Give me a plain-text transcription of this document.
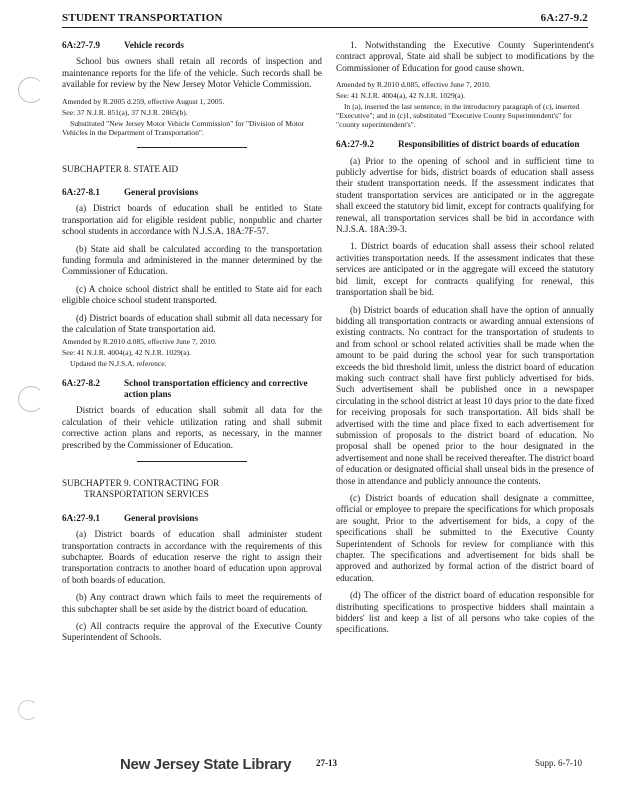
STUDENT TRANSPORTATION	6A:27-9.2
6A:27-7.9	Vehicle records

School bus owners shall retain all records of inspection and maintenance reports for the life of the vehicle. Such records shall be available for review by the New Jersey Motor Vehicle Commission.

Amended by R.2005 d.259, effective August 1, 2005.
See: 37 N.J.R. 851(a), 37 N.J.R. 2865(b).
Substituted "New Jersey Motor Vehicle Commission" for "Division of Motor Vehicles in the Department of Transportation".
SUBCHAPTER 8. STATE AID
6A:27-8.1	General provisions

(a) District boards of education shall be entitled to State transportation aid for eligible resident public, nonpublic and charter school students in accordance with N.J.S.A. 18A:7F-57.

(b) State aid shall be calculated according to the transportation funding formula and administered in the manner determined by the Commissioner of Education.

(c) A choice school district shall be entitled to State aid for each eligible choice school student transported.

(d) District boards of education shall submit all data necessary for the calculation of State transportation aid.

Amended by R.2010 d.085, effective June 7, 2010.
See: 41 N.J.R. 4004(a), 42 N.J.R. 1029(a).
Updated the N.J.S.A. reference.
6A:27-8.2	School transportation efficiency and corrective action plans

District boards of education shall submit all data for the calculation of their vehicle utilization rating and shall submit corrective action plans and reports, as necessary, in the manner prescribed by the Commissioner of Education.

SUBCHAPTER 9. CONTRACTING FOR
TRANSPORTATION SERVICES
6A:27-9.1	General provisions

(a) District boards of education shall administer student transportation contracts in accordance with the requirements of this subchapter. Boards of education reserve the right to assign their transportation contracts to another board of education upon approval of both boards of education.

(b) Any contract drawn which fails to meet the requirements of this subchapter shall be set aside by the district board of education.

(c) All contracts require the approval of the Executive County Superintendent of Schools.

1. Notwithstanding the Executive County Superintendent's contract approval, State aid shall be subject to modifications by the Commissioner of Education for good cause shown.

Amended by R.2010 d.085, effective June 7, 2010.
See: 41 N.J.R. 4004(a), 42 N.J.R. 1029(a).
In (a), inserted the last sentence; in the introductory paragraph of (c), inserted "Executive"; and in (c)1, substituted "Executive County Superintendent's" for "county superintendent's".
6A:27-9.2	Responsibilities of district boards of education

(a) Prior to the opening of school and in sufficient time to publicly advertise for bids, district boards of education shall assess their student transportation needs. If the assessment indicates that student transportation services are anticipated or in the aggregate shall exceed the statutory bid limit, except for contracts qualifying for renewal, all transportation services shall be bid in accordance with N.J.S.A. 18A:39-3.

1. District boards of education shall assess their school related activities transportation needs. If the assessment indicates that these services are anticipated or in the aggregate will exceed the statutory bid limit, except for contracts qualifying for renewal, this transportation shall be bid.

(b) District boards of education shall have the option of annually bidding all transportation contracts or awarding annual extensions of existing contracts. No contract for the transportation of students to and from school or school related activities shall be made when the amount to be paid during the school year for such transportation exceeds the bid threshold limit, unless the district board of education making such contract shall have first publicly advertised for bids. Such advertisement shall be published once in a newspaper circulating in the school district at least 10 days prior to the date fixed for receiving proposals for such transportation. All bids shall be advertised with the time and place fixed to each advertisement for submission of proposals to the district board of education. No proposal shall be opened prior to the hour designated in the advertisement and none shall be received thereafter. The district board of education or designated official shall unseal bids in the presence of those in attendance and publicly announce the contents.

(c) District boards of education shall designate a committee, official or employee to prepare the specifications for which proposals are sought. Prior to the advertisement for bids, a copy of the specifications shall be submitted to the Executive County Superintendent of Schools for review for compliance with this chapter. The specifications and advertisement for bids shall be approved and authorized by formal action of the district board of education.

(d) The officer of the district board of education responsible for distributing specifications to prospective bidders shall maintain a bidders' list and keep a list of all persons who take copies of the specifications.

New Jersey State Library	27-13	Supp. 6-7-10
